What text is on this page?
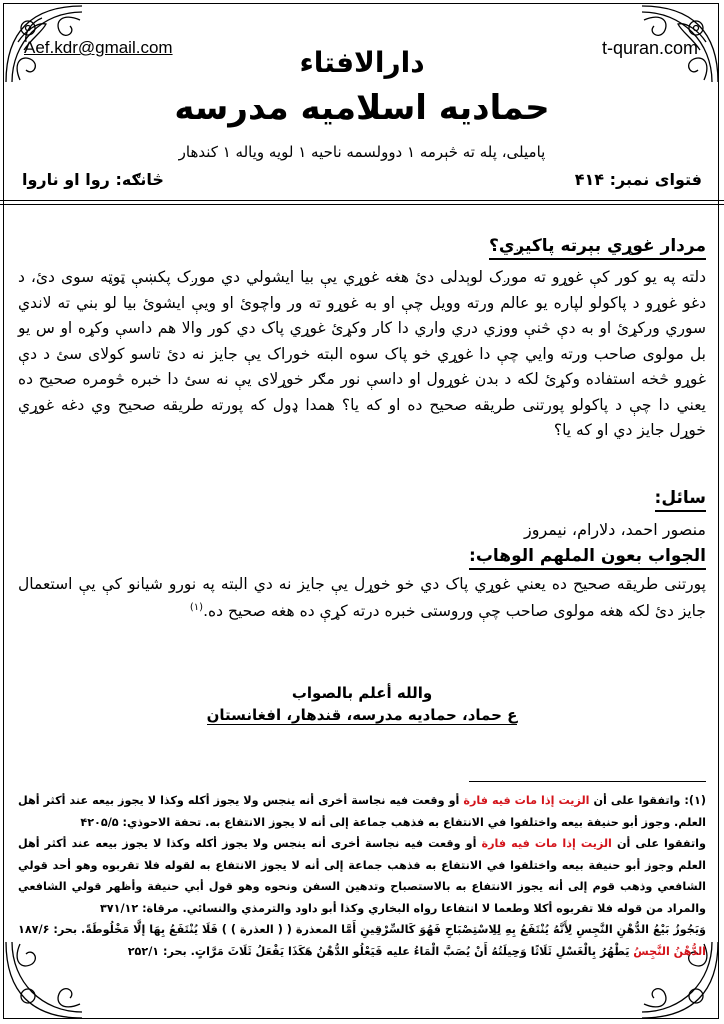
Aef.kdr@gmail.com	t-quran.com
دارالافتاء
حمادیه اسلامیه مدرسه
پامیلی، پله ته څېرمه ١ دوولسمه ناحیه ١ لویه ویاله ١ کندهار
فتوای نمبر: ۴۱۴
څانګه: روا او ناروا
مردار غوړي بېرته پاکیږي؟
دلته په یو کور کې غوړو ته موږک لوېدلی دئ هغه غوړي یې بیا ایشولي دي موږک پکښې ټوټه سوی دئ، د دغو غوړو د پاکولو لپاره یو عالم ورته وویل چې او به غوړو ته ور واچوئ او ویې ایشوئ بیا لو بني ته لاندي سوري ورکړئ او به دې څنې ووزي دري واري دا کار وکړئ غوړي پاک دي کور والا هم داسې وکړه او س یو بل مولوی صاحب ورته وایي چې دا غوړي خو پاک سوه البته خوراک یې جایز نه دئ تاسو کولای سئ د دې غوړو څخه استفاده وکړئ لکه د بدن غوړول او داسې نور مګر خوړلای یې نه سئ دا خبره څومره صحیح ده یعني دا چې د پاکولو پورتنی طریقه صحیح ده او که یا؟ همدا ډول که پورته طریقه صحیح وي دغه غوړي خوړل جایز دي او که یا؟
سائل:
منصور احمد، دلارام، نیمروز
الجواب بعون الملهم الوهاب:
پورتنی طریقه صحیح ده یعني غوړي پاک دي خو خوړل یې جایز نه دي البته په نورو شیانو کې یې استعمال جایز دئ لکه هغه مولوی صاحب چې وروستی خبره درته کړې ده هغه صحیح ده.$^{(١)}$
والله أعلم بالصواب
ع حماد، حمادیه مدرسه، قندهار، افغانستان
(١): واتفقوا على أن الزيت إذا مات فيه فارة أو وقعت فيه نجاسة أخرى أنه ينجس ولا يجوز أكله وكذا لا يجوز بيعه عند أكثر أهل العلم. وجوز أبو حنيفة بيعه واختلفوا في الانتفاع به فذهب جماعة إلى أنه لا يجوز الانتفاع به. تحفة الاحوذي: ۴۲۰۵/۵
واتفقوا على أن الزيت إذا مات فيه فارة أو وقعت فيه نجاسة أخرى أنه ينجس ولا يجوز أكله وكذا لا يجوز بيعه عند أكثر أهل العلم وجوز أبو حنيفة بيعه واختلفوا في الانتفاع به فذهب جماعة إلى أنه لا يجوز الانتفاع به لقوله فلا تقربوه وهو أحد قولي الشافعي وذهب قوم إلى أنه يجوز الانتفاع به بالاستصباح وتدهين السفن ونحوه وهو قول أبي حنيفة وأظهر قولي الشافعي والمراد من قوله فلا تقربوه أكلا وطعما لا انتفاعا رواه البخاري وكذا أبو داود والترمذي والنسائي. مرقاة: ۳۷۱/۱۲
وَيَجُوزُ بَيْعُ الدُّهْنِ النَّجِسِ لِأَنَّهُ يُنْتَفَعُ بِهِ لِلِاسْتِصْبَاحِ فَهُوَ كَالسِّرْقِينِ أَمَّا المعذرة ( ( العذرة ) ) فَلَا يُنْتَفَعُ بِهَا إلَّا مَخْلُوطَةً. بحر: ۱۸۷/۶ الدُّهْنُ النَّجِسُ يَطْهُرُ بِالْغَسْلِ ثَلَاثًا وَحِيلَتُهُ أَنْ يُصَبَّ الْمَاءُ عليه فَيَعْلُو الدُّهْنُ هَكَذَا يَفْعَلُ ثَلَاثَ مَرَّاتٍ. بحر: ۲۵۲/۱
